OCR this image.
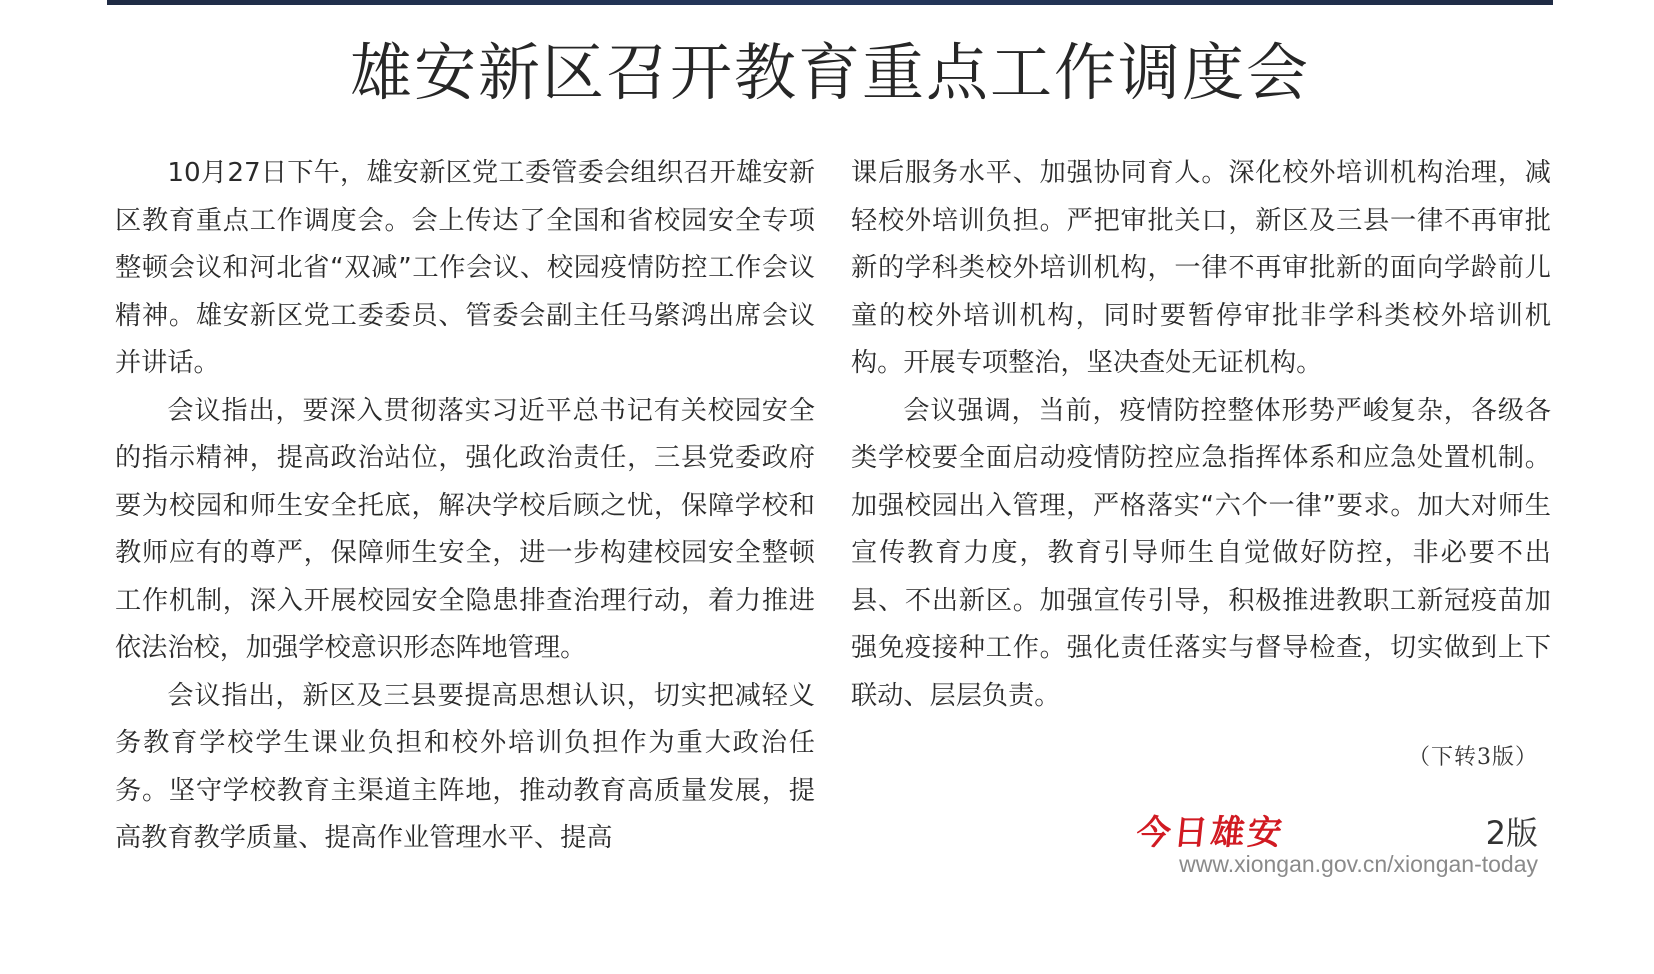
雄安新区召开教育重点工作调度会

10月27日下午，雄安新区党工委管委会组织召开雄安新区教育重点工作调度会。会上传达了全国和省校园安全专项整顿会议和河北省“双减”工作会议、校园疫情防控工作会议精神。雄安新区党工委委员、管委会副主任马綮鸿出席会议并讲话。

会议指出，要深入贯彻落实习近平总书记有关校园安全的指示精神，提高政治站位，强化政治责任，三县党委政府要为校园和师生安全托底，解决学校后顾之忧，保障学校和教师应有的尊严，保障师生安全，进一步构建校园安全整顿工作机制，深入开展校园安全隐患排查治理行动，着力推进依法治校，加强学校意识形态阵地管理。

会议指出，新区及三县要提高思想认识，切实把减轻义务教育学校学生课业负担和校外培训负担作为重大政治任务。坚守学校教育主渠道主阵地，推动教育高质量发展，提高教育教学质量、提高作业管理水平、提高

课后服务水平、加强协同育人。深化校外培训机构治理，减轻校外培训负担。严把审批关口，新区及三县一律不再审批新的学科类校外培训机构，一律不再审批新的面向学龄前儿童的校外培训机构，同时要暂停审批非学科类校外培训机构。开展专项整治，坚决查处无证机构。

会议强调，当前，疫情防控整体形势严峻复杂，各级各类学校要全面启动疫情防控应急指挥体系和应急处置机制。加强校园出入管理，严格落实“六个一律”要求。加大对师生宣传教育力度，教育引导师生自觉做好防控，非必要不出县、不出新区。加强宣传引导，积极推进教职工新冠疫苗加强免疫接种工作。强化责任落实与督导检查，切实做到上下联动、层层负责。

（下转3版）
今日雄安	2版
www.xiongan.gov.cn/xiongan-today
